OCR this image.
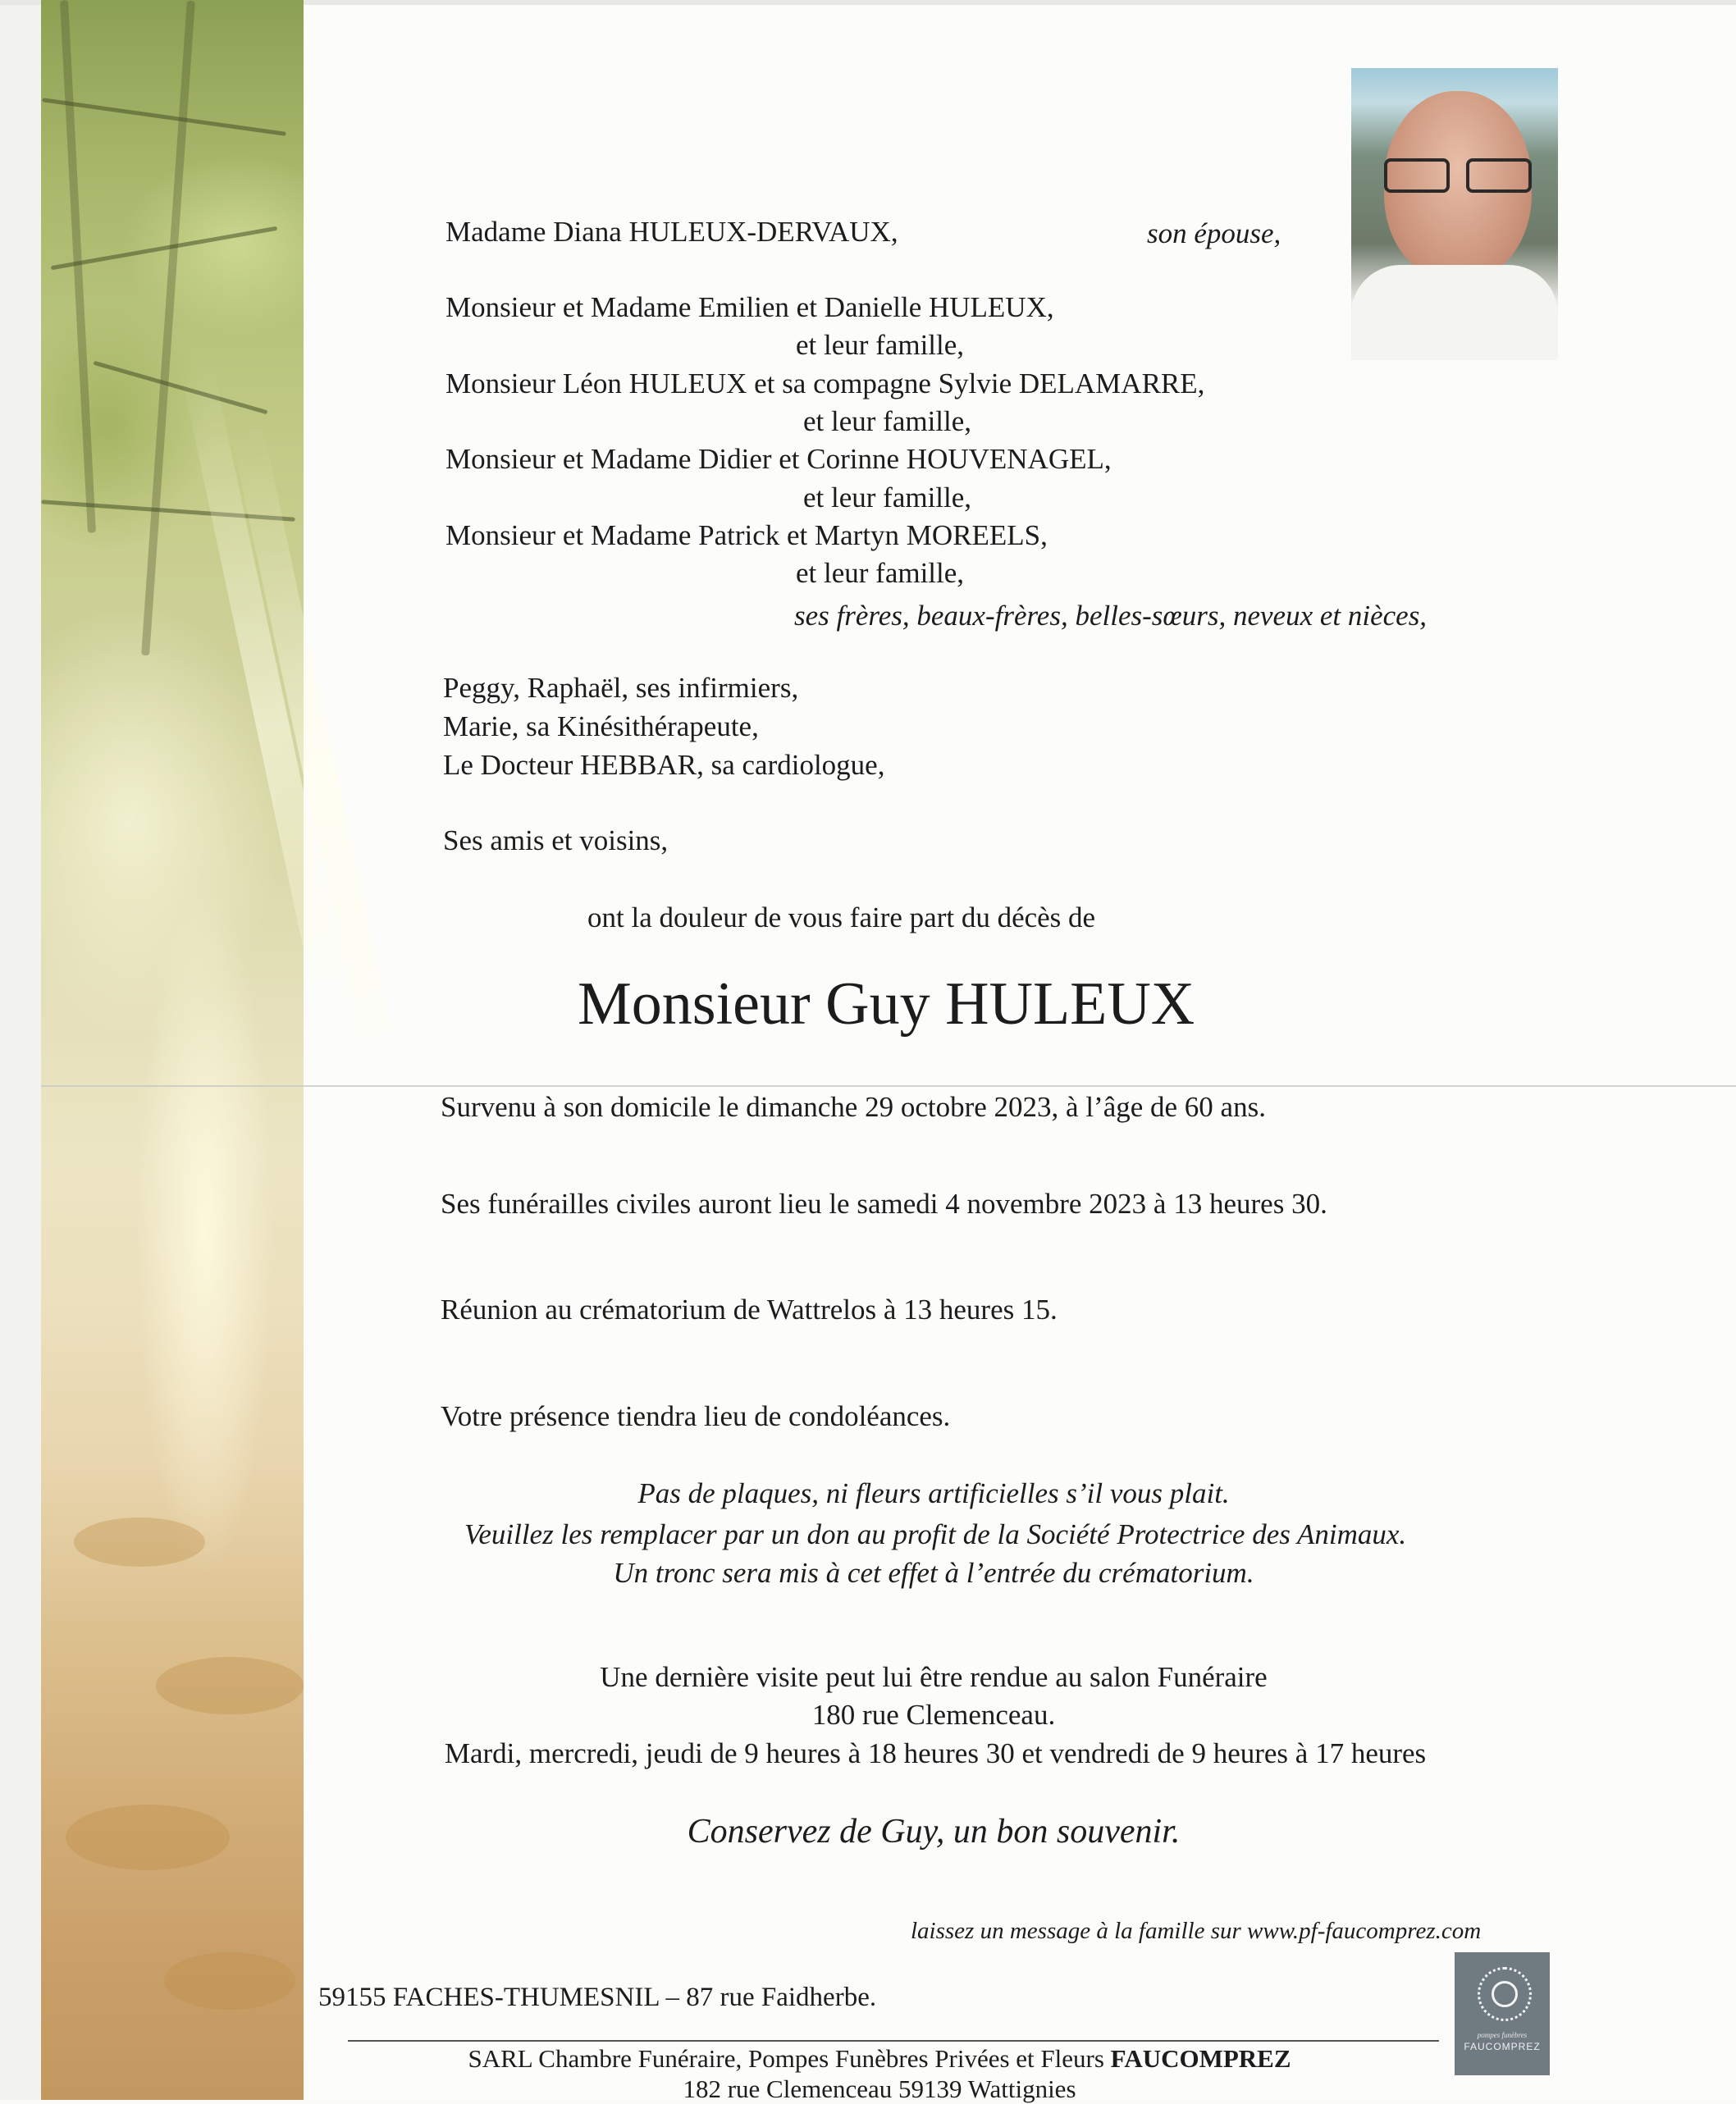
Madame Diana HULEUX-DERVAUX,	son épouse,
Monsieur et Madame Emilien et Danielle HULEUX,
et leur famille,
Monsieur Léon HULEUX et sa compagne Sylvie DELAMARRE,
et leur famille,
Monsieur et Madame Didier et Corinne HOUVENAGEL,
et leur famille,
Monsieur et Madame Patrick et Martyn MOREELS,
et leur famille,
ses frères, beaux-frères, belles-sœurs, neveux et nièces,
Peggy, Raphaël, ses infirmiers,
Marie, sa Kinésithérapeute,
Le Docteur HEBBAR, sa cardiologue,
Ses amis et voisins,
ont la douleur de vous faire part du décès de
Monsieur Guy HULEUX
Survenu à son domicile le dimanche 29 octobre 2023, à l’âge de 60 ans.
Ses funérailles civiles auront lieu le samedi 4 novembre 2023 à 13 heures 30.
Réunion au crématorium de Wattrelos à 13 heures 15.
Votre présence tiendra lieu de condoléances.
Pas de plaques, ni fleurs artificielles s’il vous plait.
Veuillez les remplacer par un don au profit de la Société Protectrice des Animaux.
Un tronc sera mis à cet effet à l’entrée du crématorium.
Une dernière visite peut lui être rendue au salon Funéraire
180 rue Clemenceau.
Mardi, mercredi, jeudi de 9 heures à 18 heures 30 et vendredi de 9 heures à 17 heures
Conservez de Guy, un bon souvenir.
laissez un message à la famille sur www.pf-faucomprez.com
59155 FACHES-THUMESNIL – 87 rue Faidherbe.
pompes funèbres
FAUCOMPREZ
SARL Chambre Funéraire, Pompes Funèbres Privées et Fleurs FAUCOMPREZ
182 rue Clemenceau 59139 Wattignies
